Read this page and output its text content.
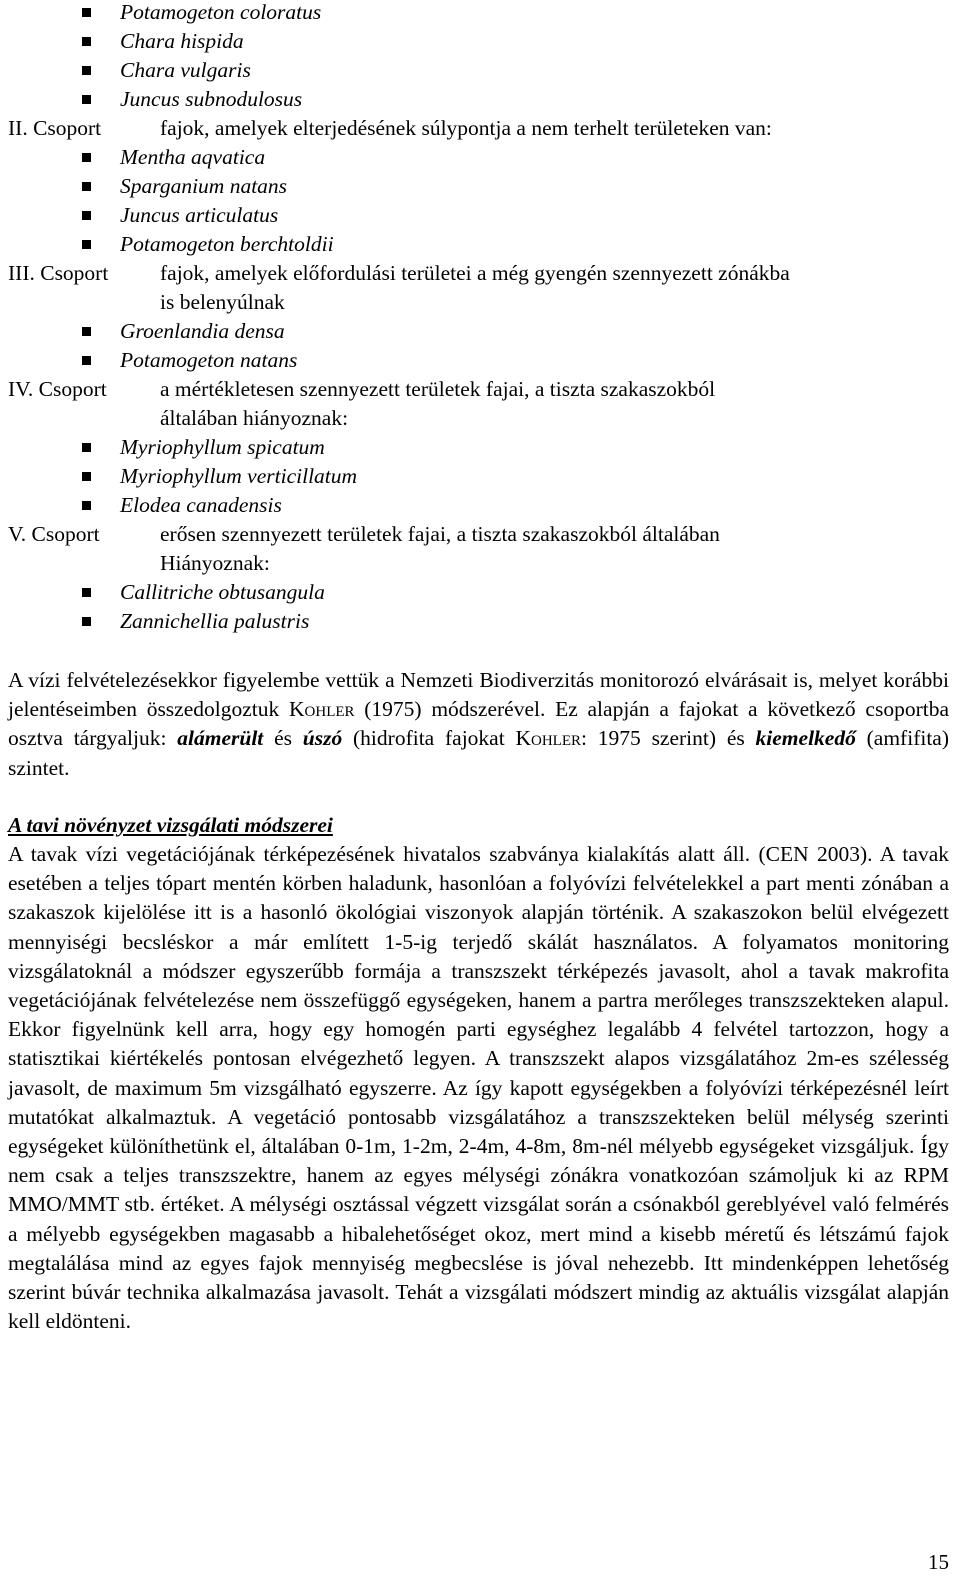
Potamogeton coloratus
Chara hispida
Chara vulgaris
Juncus subnodulosus
II. Csoport	fajok, amelyek elterjedésének súlypontja a nem terhelt területeken van:
Mentha aqvatica
Sparganium natans
Juncus articulatus
Potamogeton berchtoldii
III. Csoport fajok, amelyek előfordulási területei a még gyengén szennyezett zónákba
is belenyúlnak
Groenlandia densa
Potamogeton natans
IV. Csoport a mértékletesen szennyezett területek fajai, a tiszta szakaszokból
általában hiányoznak:
Myriophyllum spicatum
Myriophyllum verticillatum
Elodea canadensis
V. Csoport	erősen szennyezett területek fajai, a tiszta szakaszokból általában
Hiányoznak:
Callitriche obtusangula
Zannichellia palustris

A vízi felvételezésekkor figyelembe vettük a Nemzeti Biodiverzitás monitorozó elvárásait is, melyet korábbi jelentéseimben összedolgoztuk Kohler (1975) módszerével. Ez alapján a fajokat a következő csoportba osztva tárgyaljuk: alámerült és úszó (hidrofita fajokat Kohler: 1975 szerint) és kiemelkedő (amfifita) szintet.

A tavi növényzet vizsgálati módszerei

A tavak vízi vegetációjának térképezésének hivatalos szabványa kialakítás alatt áll. (CEN 2003). A tavak esetében a teljes tópart mentén körben haladunk, hasonlóan a folyóvízi felvételekkel a part menti zónában a szakaszok kijelölése itt is a hasonló ökológiai viszonyok alapján történik. A szakaszokon belül elvégezett mennyiségi becsléskor a már említett 1-5-ig terjedő skálát használatos. A folyamatos monitoring vizsgálatoknál a módszer egyszerűbb formája a transzszekt térképezés javasolt, ahol a tavak makrofita vegetációjának felvételezése nem összefüggő egységeken, hanem a partra merőleges transzszekteken alapul. Ekkor figyelnünk kell arra, hogy egy homogén parti egységhez legalább 4 felvétel tartozzon, hogy a statisztikai kiértékelés pontosan elvégezhető legyen. A transzszekt alapos vizsgálatához 2m-es szélesség javasolt, de maximum 5m vizsgálható egyszerre. Az így kapott egységekben a folyóvízi térképezésnél leírt mutatókat alkalmaztuk. A vegetáció pontosabb vizsgálatához a transzszekteken belül mélység szerinti egységeket különíthetünk el, általában 0-1m, 1-2m, 2-4m, 4-8m, 8m-nél mélyebb egységeket vizsgáljuk. Így nem csak a teljes transzszektre, hanem az egyes mélységi zónákra vonatkozóan számoljuk ki az RPM MMO/MMT stb. értéket. A mélységi osztással végzett vizsgálat során a csónakból gereblyével való felmérés a mélyebb egységekben magasabb a hibalehetőséget okoz, mert mind a kisebb méretű és létszámú fajok megtalálása mind az egyes fajok mennyiség megbecslése is jóval nehezebb. Itt mindenképpen lehetőség szerint búvár technika alkalmazása javasolt. Tehát a vizsgálati módszert mindig az aktuális vizsgálat alapján kell eldönteni.

15
